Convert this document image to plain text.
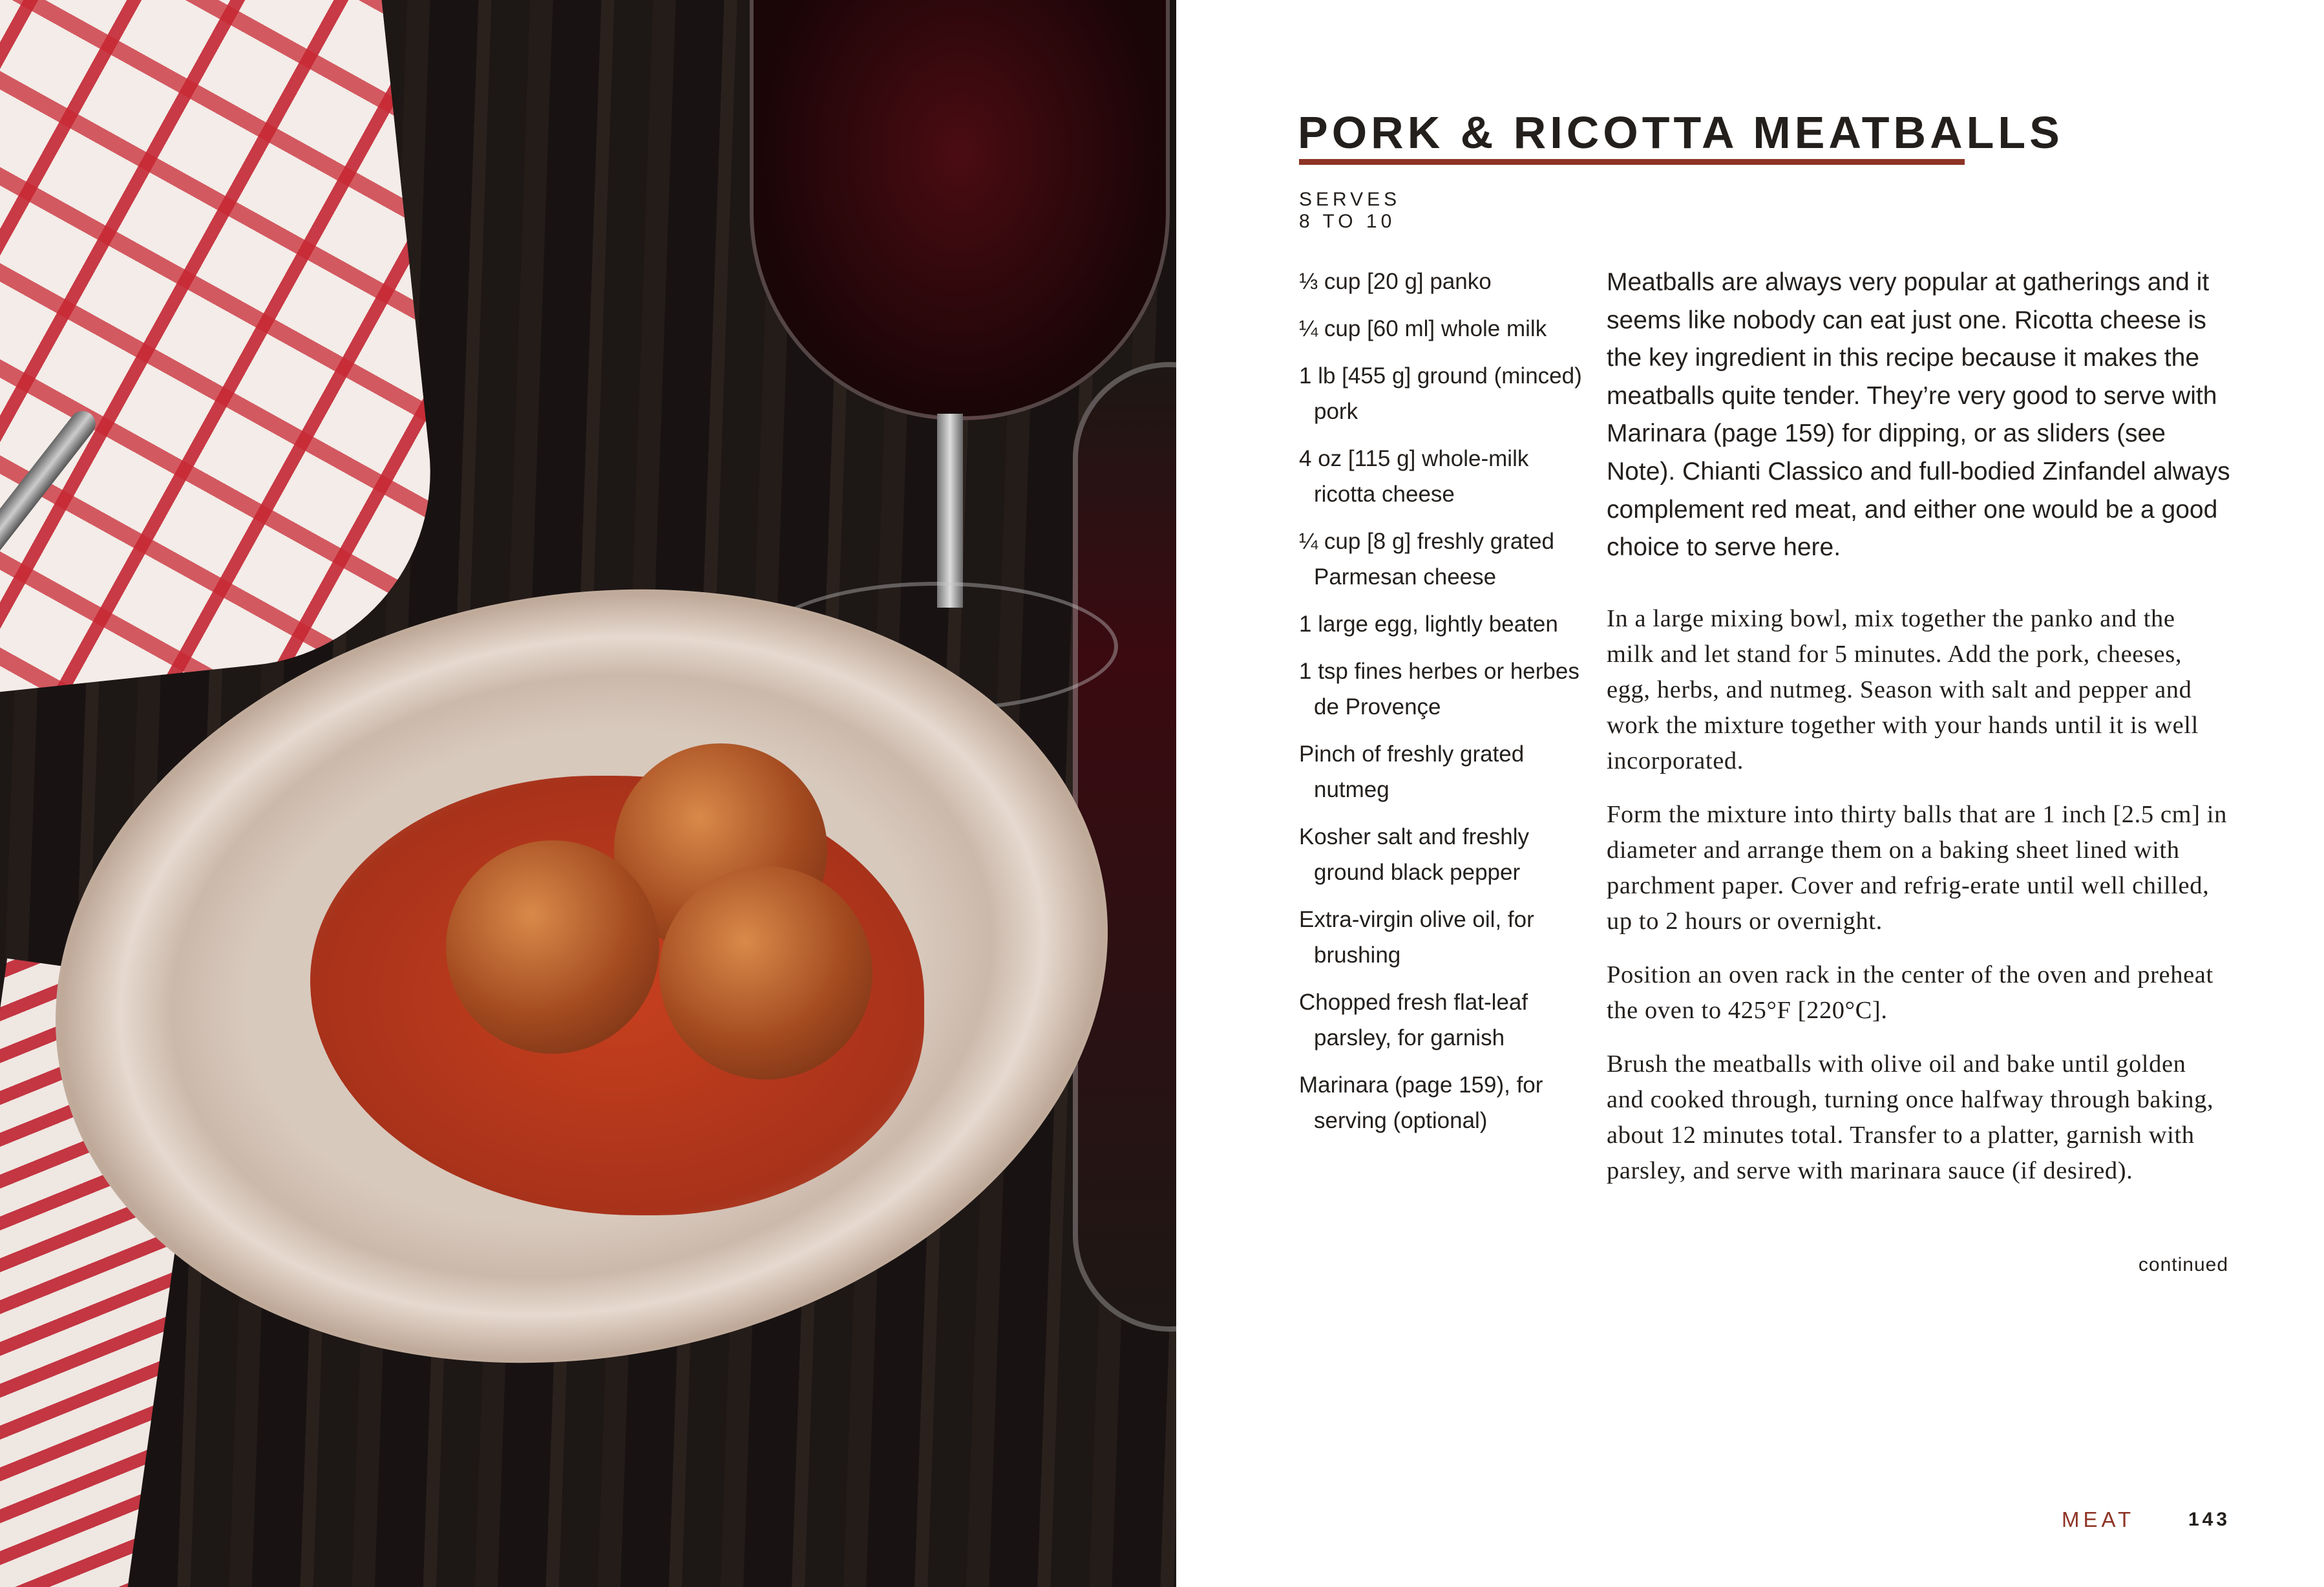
PORK & RICOTTA MEATBALLS
SERVES 8 TO 10
⅓ cup [20 g] panko
¼ cup [60 ml] whole milk
1 lb [455 g] ground (minced) pork
4 oz [115 g] whole-milk ricotta cheese
¼ cup [8 g] freshly grated Parmesan cheese
1 large egg, lightly beaten
1 tsp fines herbes or herbes de Provençe
Pinch of freshly grated nutmeg
Kosher salt and freshly ground black pepper
Extra-virgin olive oil, for brushing
Chopped fresh flat-leaf parsley, for garnish
Marinara (page 159), for serving (optional)

Meatballs are always very popular at gatherings and it seems like nobody can eat just one. Ricotta cheese is the key ingredient in this recipe because it makes the meatballs quite tender. They’re very good to serve with Marinara (page 159) for dipping, or as sliders (see Note). Chianti Classico and full-bodied Zinfandel always complement red meat, and either one would be a good choice to serve here.

In a large mixing bowl, mix together the panko and the milk and let stand for 5 minutes. Add the pork, cheeses, egg, herbs, and nutmeg. Season with salt and pepper and work the mixture together with your hands until it is well incorporated.

Form the mixture into thirty balls that are 1 inch [2.5 cm] in diameter and arrange them on a baking sheet lined with parchment paper. Cover and refrig-erate until well chilled, up to 2 hours or overnight.

Position an oven rack in the center of the oven and preheat the oven to 425°F [220°C].

Brush the meatballs with olive oil and bake until golden and cooked through, turning once halfway through baking, about 12 minutes total. Transfer to a platter, garnish with parsley, and serve with marinara sauce (if desired).

continued
MEAT	143
